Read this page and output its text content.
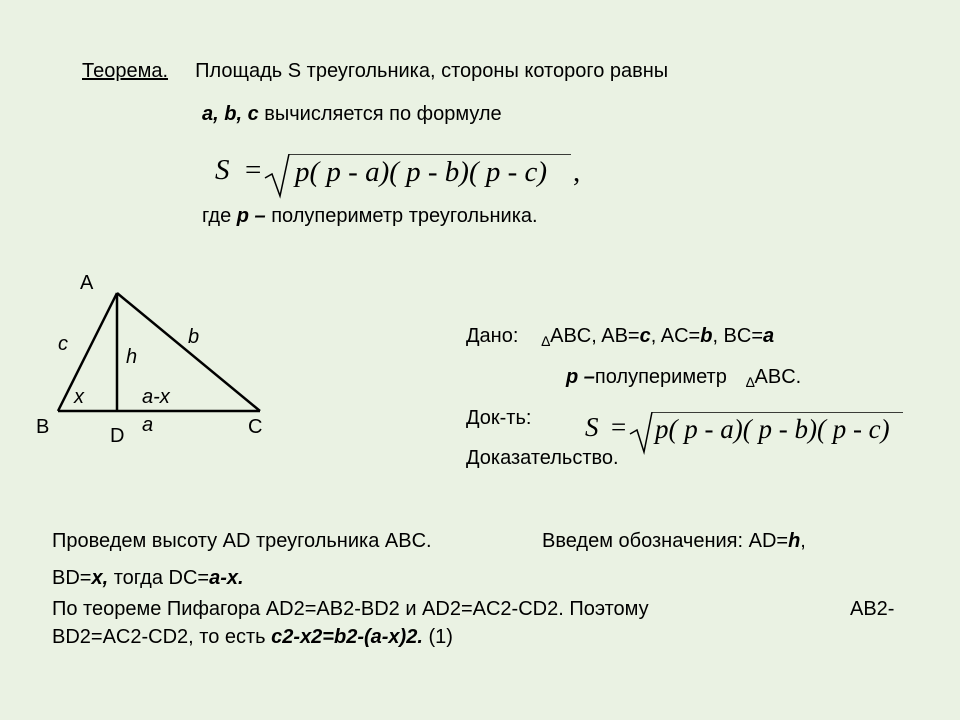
Теорема. Площадь S треугольника, стороны которого равны
a, b, c вычисляется по формуле
S = p( p - a)( p - b)( p - c) ,
где p – полупериметр треугольника.
A
B	C
D
c	b
h
x	a-x
a
Дано: $_\Delta$ABC, AB=c, AC=b, BC=a
p –полупериметр $_\Delta$ABC.
Док-ть: S = p( p - a)( p - b)( p - c)
Доказательство.
Проведем высоту AD треугольника ABC.	Введем обозначения: AD=h,
BD=x, тогда DC=a-x.
По теореме Пифагора AD2=AB2-BD2 и AD2=AC2-CD2. Поэтому	AB2-
BD2=AC2-CD2, то есть c2-x2=b2-(a-x)2. (1)
